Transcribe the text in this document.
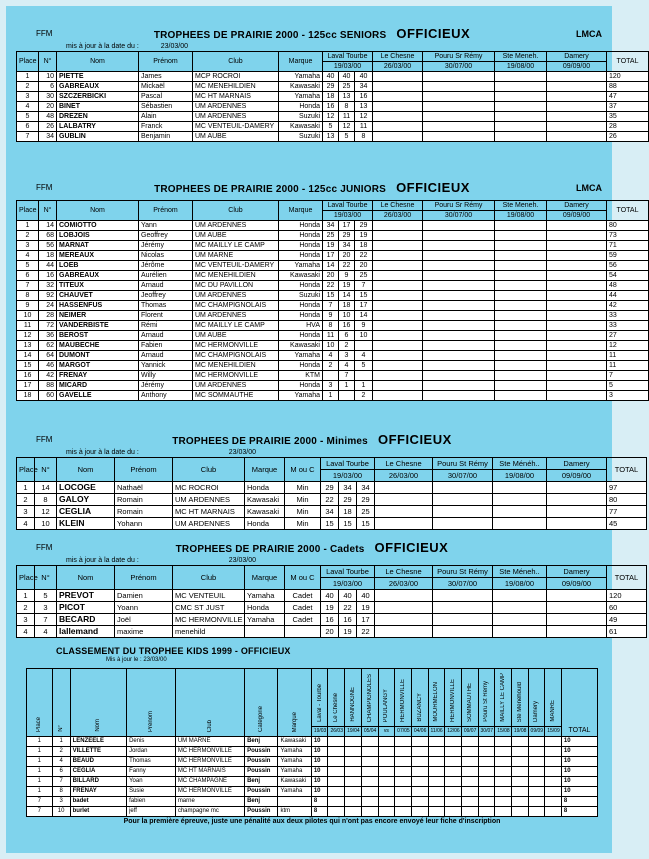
FFM	TROPHEES DE PRAIRIE 2000 - 125cc SENIORS OFFICIEUX	LMCA
mis à jour à la date du :	23/03/00
Place	N°	Nom	Prénom	Club	Marque	Laval Tourbe			Le Chesne	Pouru Sr Rémy	Ste Meneh.	Damery	TOTAL
						19/03/00			26/03/00	30/07/00	19/08/00	09/09/00	
1	10	PIETTE	James	MCP ROCROI	Yamaha	40	40	40					120
2	6	GABREAUX	Mickaël	MC MENEHILDIEN	Kawasaki	29	25	34					88
3	30	SZCZERBICKI	Pascal	MC HT MARNAIS	Yamaha	18	13	16					47
4	20	BINET	Sébastien	UM ARDENNES	Honda	16	8	13					37
5	48	DREZEN	Alain	UM ARDENNES	Suzuki	12	11	12					35
6	26	LALBATRY	Franck	MC VENTEUIL-DAMERY	Kawasaki	5	12	11					28
7	34	GUBLIN	Benjamin	UM AUBE	Suzuki	13	5	8					26
FFM	TROPHEES DE PRAIRIE 2000 - 125cc JUNIORS OFFICIEUX	LMCA
Place	N°	Nom	Prénom	Club	Marque	Laval Tourbe			Le Chesne	Pouru Sr Rémy	Ste Meneh.	Damery	TOTAL
						19/03/00			26/03/00	30/07/00	19/08/00	09/09/00	
1	14	COMIOTTO	Yann	UM ARDENNES	Honda	34	17	29					80
2	68	LOBJOIS	Geoffrey	UM AUBE	Honda	25	29	19					73
3	56	MARNAT	Jérémy	MC MAILLY LE CAMP	Honda	19	34	18					71
4	18	MEREAUX	Nicolas	UM MARNE	Honda	17	20	22					59
5	44	LOEB	Jérôme	MC VENTEUIL-DAMERY	Yamaha	14	22	20					56
6	16	GABREAUX	Aurélien	MC MENEHILDIEN	Kawasaki	20	9	25					54
7	32	TITEUX	Arnaud	MC DU PAVILLON	Honda	22	19	7					48
8	92	CHAUVET	Jeoffrey	UM ARDENNES	Suzuki	15	14	15					44
9	24	HASSENFUS	Thomas	MC CHAMPIGNOLAIS	Honda	7	18	17					42
10	28	NEIMER	Florent	UM ARDENNES	Honda	9	10	14					33
11	72	VANDERBISTE	Rémi	MC MAILLY LE CAMP	HVA	8	16	9					33
12	36	BEROST	Arnaud	UM AUBE	Honda	11	6	10					27
13	62	MAUBECHE	Fabien	MC HERMONVILLE	Kawasaki	10	2						12
14	64	DUMONT	Arnaud	MC CHAMPIGNOLAIS	Yamaha	4	3	4					11
15	46	MARGOT	Yannick	MC MENEHILDIEN	Honda	2	4	5					11
16	42	FRENAY	Willy	MC HERMONVILLE	KTM		7						7
17	88	MICARD	Jérémy	UM ARDENNES	Honda	3	1	1					5
18	60	GAVELLE	Anthony	MC SOMMAUTHE	Yamaha	1		2					3
FFM	TROPHEES DE PRAIRIE 2000 - Minimes OFFICIEUX
mis à jour à la date du :	23/03/00
Place	N°	Nom	Prénom	Club	Marque	M ou C	Laval Tourbe			Le Chesne	Pouru St Rémy	Ste Ménéh..	Damery	TOTAL
							19/03/00			26/03/00	30/07/00	19/08/00	09/09/00	
1	14	LOCOGE	Nathaël	MC ROCROI	Honda	Min	29	34	34					97
2	8	GALOY	Romain	UM ARDENNES	Kawasaki	Min	22	29	29					80
3	12	CEGLIA	Romain	MC HT MARNAIS	Kawasaki	Min	34	18	25					77
4	10	KLEIN	Yohann	UM ARDENNES	Honda	Min	15	15	15					45
FFM	TROPHEES DE PRAIRIE 2000 - Cadets OFFICIEUX
mis à jour à la date du :	23/03/00
Place	N°	Nom	Prénom	Club	Marque	M ou C	Laval Tourbe			Le Chesne	Pouru St Rémy	Ste Méneh..	Damery	TOTAL
							19/03/00			26/03/00	30/07/00	19/08/00	09/09/00	
1	5	PREVOT	Damien	MC VENTEUIL	Yamaha	Cadet	40	40	40					120
2	3	PICOT	Yoann	CMC ST JUST	Honda	Cadet	19	22	19					60
3	7	BECARD	Joël	MC HERMONVILLE	Yamaha	Cadet	16	16	17					49
4	4	lallemand	maxime	menehild			20	19	22					61
CLASSEMENT DU TROPHEE KIDS 1999 - OFFICIEUX
Mis à jour le : 23/03/00
Place	N°	Nom	Prénom	Club	Catégorie	Marque	Laval - Tourbe	Le Chesne	HANNOGNE	CHAMPIGNOLES	POULANGY	HERMONVILLE	BUZANCY	MOURMELON	HERMONVILLE	SOMMAUTHE	Pouru St Rémy	MAILLY LE CAMP	Ste Menehould	Damery	MANRE	TOTAL
							19/03	26/03	19/04	05/04	vs	07/05	04/06	11/06	12/06	09/07	30/07	15/08	19/08	09/09	15/09	
1	1	LENZEELE	Denis	UM MARNE	Benj	Kawasaki	10															10
1	2	VILLETTE	Jordan	MC HERMONVILLE	Poussin	Yamaha	10															10
1	4	BEAUD	Thomas	MC HERMONVILLE	Poussin	Yamaha	10															10
1	6	CEGLIA	Fanny	MC HT MARNAIS	Poussin	Yamaha	10															10
1	7	BILLARD	Yoan	MC CHAMPAGNE	Benj	Kawasaki	10															10
1	8	FRENAY	Susie	MC HERMONVILLE	Poussin	Yamaha	10															10
7	3	badet	fabien	marne	Benj		8															8
7	10	burlet	jeff	champagne mc	Poussin	ktm	8															8
Pour la première épreuve, juste une pénalité aux deux pilotes qui n'ont pas encore envoyé leur fiche d'inscription
